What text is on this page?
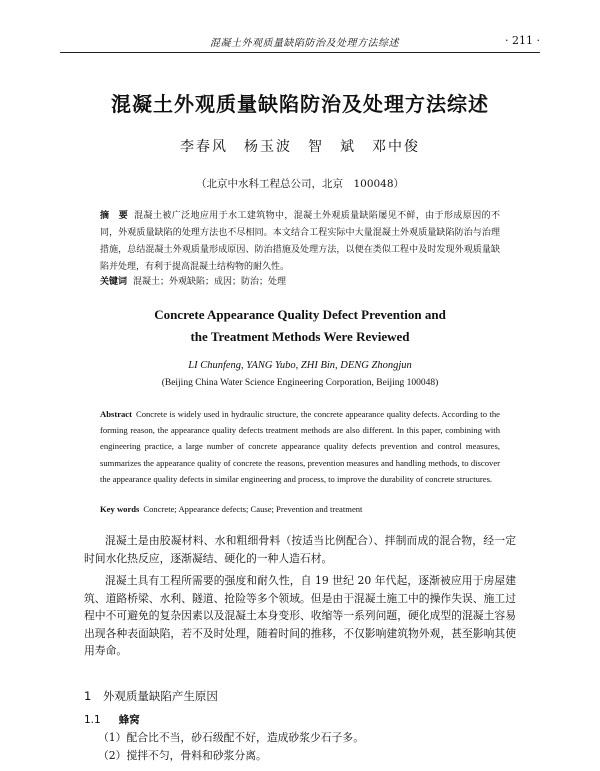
混凝土外观质量缺陷防治及处理方法综述	· 211 ·
混凝土外观质量缺陷防治及处理方法综述
李春风　杨玉波　智　斌　邓中俊
（北京中水科工程总公司，北京　100048）
摘　要 混凝土被广泛地应用于水工建筑物中，混凝土外观质量缺陷屡见不鲜，由于形成原因的不同，外观质量缺陷的处理方法也不尽相同。本文结合工程实际中大量混凝土外观质量缺陷防治与治理措施，总结混凝土外观质量形成原因、防治措施及处理方法，以便在类似工程中及时发现外观质量缺陷并处理，有利于提高混凝土结构物的耐久性。
关键词 混凝土；外观缺陷；成因；防治；处理
Concrete Appearance Quality Defect Prevention and
the Treatment Methods Were Reviewed
LI Chunfeng, YANG Yubo, ZHI Bin, DENG Zhongjun
(Beijing China Water Science Engineering Corporation, Beijing 100048)
Abstract Concrete is widely used in hydraulic structure, the concrete appearance quality defects. According to the forming reason, the appearance quality defects treatment methods are also different. In this paper, combining with engineering practice, a large number of concrete appearance quality defects prevention and control measures, summarizes the appearance quality of concrete the reasons, prevention measures and handling methods, to discover the appearance quality defects in similar engineering and process, to improve the durability of concrete structures.
Key words Concrete; Appearance defects; Cause; Prevention and treatment
混凝土是由胶凝材料、水和粗细骨料（按适当比例配合）、拌制而成的混合物，经一定时间水化热反应，逐渐凝结、硬化的一种人造石材。
混凝土具有工程所需要的强度和耐久性，自 19 世纪 20 年代起，逐渐被应用于房屋建筑、道路桥梁、水利、隧道、抢险等多个领域。但是由于混凝土施工中的操作失误、施工过程中不可避免的复杂因素以及混凝土本身变形、收缩等一系列问题，硬化成型的混凝土容易出现各种表面缺陷，若不及时处理，随着时间的推移，不仅影响建筑物外观，甚至影响其使用寿命。
1　外观质量缺陷产生原因
1.1 蜂窝
（1）配合比不当，砂石级配不好，造成砂浆少石子多。
（2）搅拌不匀，骨料和砂浆分离。
